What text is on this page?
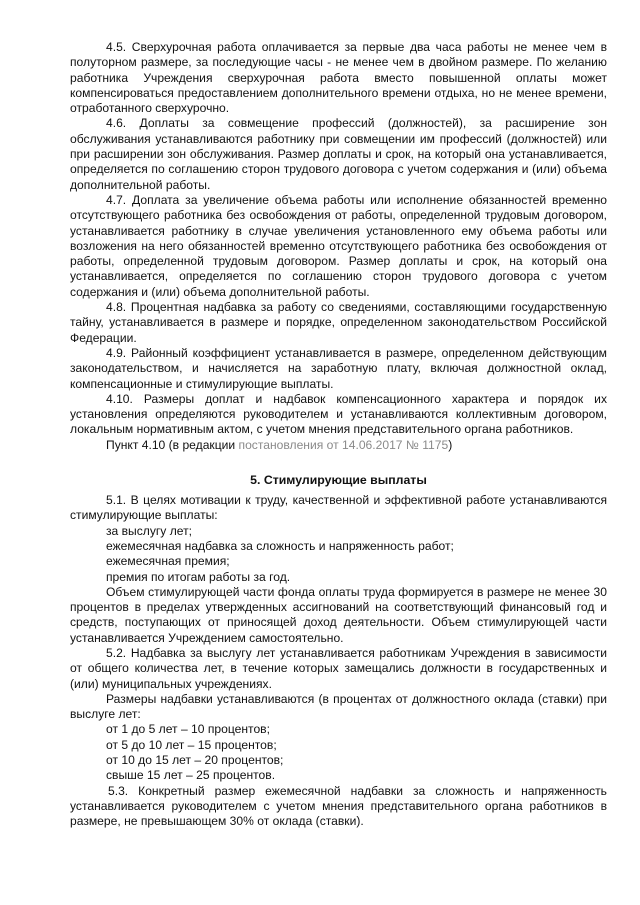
4.5. Сверхурочная работа оплачивается за первые два часа работы не менее чем в полуторном размере, за последующие часы - не менее чем в двойном размере. По желанию работника Учреждения сверхурочная работа вместо повышенной оплаты может компенсироваться предоставлением дополнительного времени отдыха, но не менее времени, отработанного сверхурочно.

4.6. Доплаты за совмещение профессий (должностей), за расширение зон обслуживания устанавливаются работнику при совмещении им профессий (должностей) или при расширении зон обслуживания. Размер доплаты и срок, на который она устанавливается, определяется по соглашению сторон трудового договора с учетом содержания и (или) объема дополнительной работы.

4.7. Доплата за увеличение объема работы или исполнение обязанностей временно отсутствующего работника без освобождения от работы, определенной трудовым договором, устанавливается работнику в случае увеличения установленного ему объема работы или возложения на него обязанностей временно отсутствующего работника без освобождения от работы, определенной трудовым договором. Размер доплаты и срок, на который она устанавливается, определяется по соглашению сторон трудового договора с учетом содержания и (или) объема дополнительной работы.

4.8. Процентная надбавка за работу со сведениями, составляющими государственную тайну, устанавливается в размере и порядке, определенном законодательством Российской Федерации.

4.9. Районный коэффициент устанавливается в размере, определенном действующим законодательством, и начисляется на заработную плату, включая должностной оклад, компенсационные и стимулирующие выплаты.

4.10. Размеры доплат и надбавок компенсационного характера и порядок их установления определяются руководителем и устанавливаются коллективным договором, локальным нормативным актом, с учетом мнения представительного органа работников.

Пункт 4.10 (в редакции постановления от 14.06.2017 № 1175)

5. Стимулирующие выплаты

5.1. В целях мотивации к труду, качественной и эффективной работе устанавливаются стимулирующие выплаты:

за выслугу лет;

ежемесячная надбавка за сложность и напряженность работ;

ежемесячная премия;

премия по итогам работы за год.

Объем стимулирующей части фонда оплаты труда формируется в размере не менее 30 процентов в пределах утвержденных ассигнований на соответствующий финансовый год и средств, поступающих от приносящей доход деятельности. Объем стимулирующей части устанавливается Учреждением самостоятельно.

5.2. Надбавка за выслугу лет устанавливается работникам Учреждения в зависимости от общего количества лет, в течение которых замещались должности в государственных и (или) муниципальных учреждениях.

Размеры надбавки устанавливаются (в процентах от должностного оклада (ставки) при выслуге лет:

от 1 до 5 лет – 10 процентов;

от 5 до 10 лет – 15 процентов;

от 10 до 15 лет – 20 процентов;

свыше 15 лет – 25 процентов.

5.3. Конкретный размер ежемесячной надбавки за сложность и напряженность устанавливается руководителем с учетом мнения представительного органа работников в размере, не превышающем 30% от оклада (ставки).
